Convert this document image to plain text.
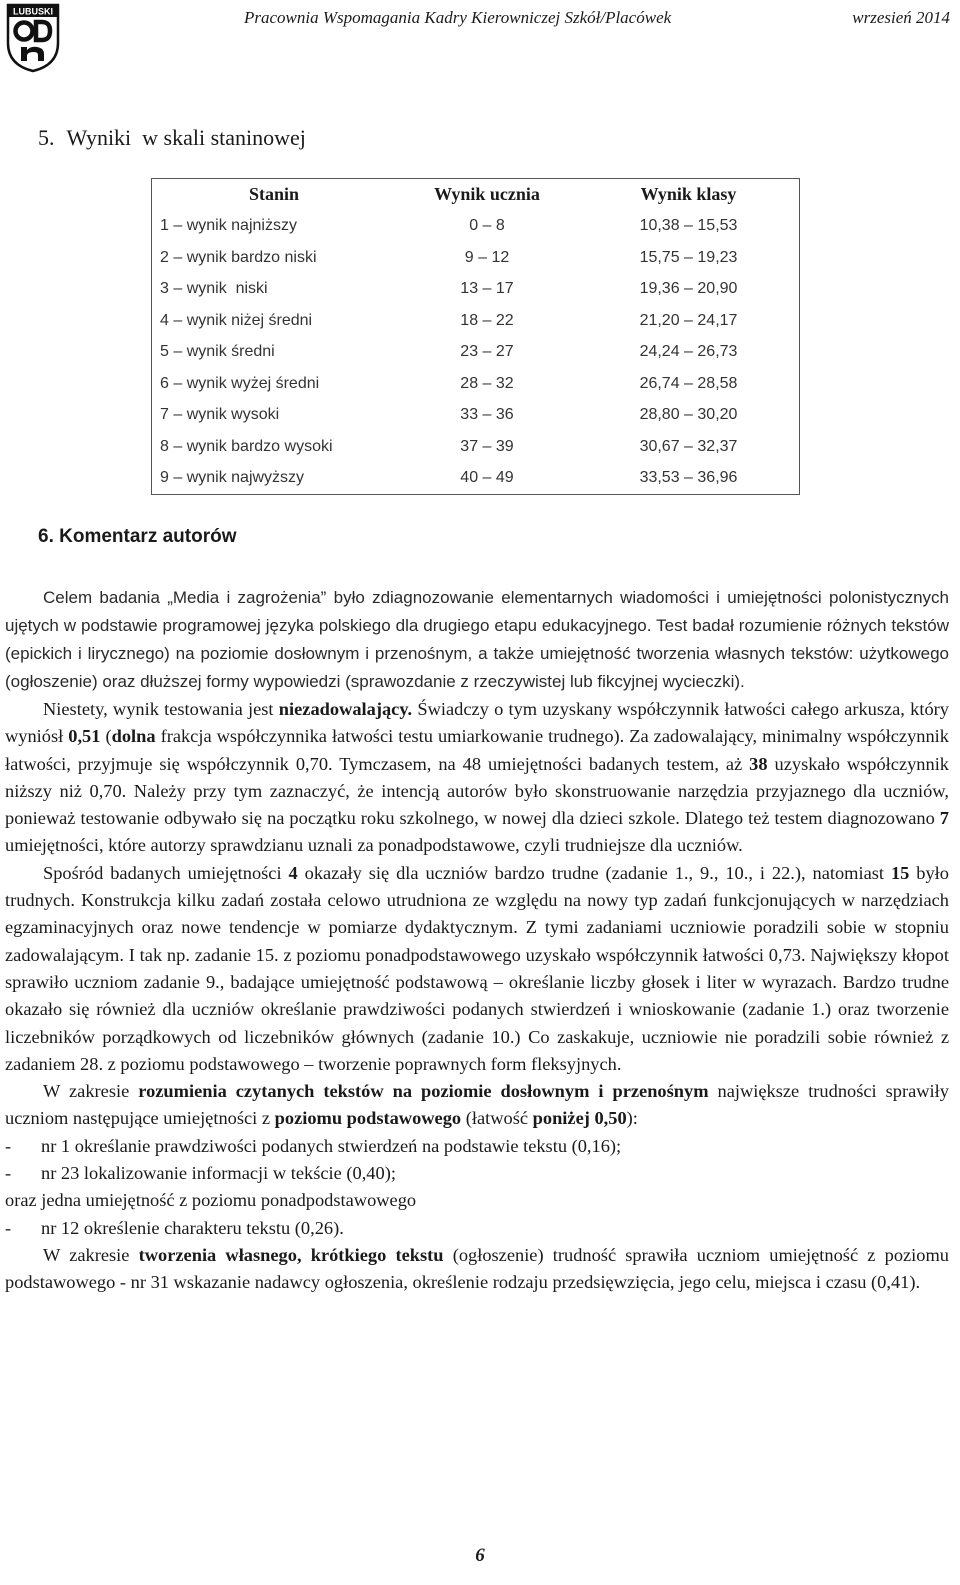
LUBUSKI	Pracownia Wspomagania Kadry Kierowniczej Szkół/Placówek	wrzesień 2014
5. Wyniki  w skali staninowej
Stanin	Wynik ucznia	Wynik klasy
1 – wynik najniższy	0 – 8	10,38 – 15,53
2 – wynik bardzo niski	9 – 12	15,75 – 19,23
3 – wynik  niski	13 – 17	19,36 – 20,90
4 – wynik niżej średni	18 – 22	21,20 – 24,17
5 – wynik średni	23 – 27	24,24 – 26,73
6 – wynik wyżej średni	28 – 32	26,74 – 28,58
7 – wynik wysoki	33 – 36	28,80 – 30,20
8 – wynik bardzo wysoki	37 – 39	30,67 – 32,37
9 – wynik najwyższy	40 – 49	33,53 – 36,96
6. Komentarz autorów

Celem badania „Media i zagrożenia” było zdiagnozowanie elementarnych wiadomości i umiejętności polonistycznych ujętych w podstawie programowej języka polskiego dla drugiego etapu edukacyjnego. Test badał rozumienie różnych tekstów (epickich i lirycznego) na poziomie dosłownym i przenośnym, a także umiejętność tworzenia własnych tekstów: użytkowego (ogłoszenie) oraz dłuższej formy wypowiedzi (sprawozdanie z rzeczywistej lub fikcyjnej wycieczki).

Niestety, wynik testowania jest niezadowalający. Świadczy o tym uzyskany współczynnik łatwości całego arkusza, który wyniósł 0,51 (dolna frakcja współczynnika łatwości testu umiarkowanie trudnego). Za zadowalający, minimalny współczynnik łatwości, przyjmuje się współczynnik 0,70. Tymczasem, na 48 umiejętności badanych testem, aż 38 uzyskało współczynnik niższy niż 0,70. Należy przy tym zaznaczyć, że intencją autorów było skonstruowanie narzędzia przyjaznego dla uczniów, ponieważ testowanie odbywało się na początku roku szkolnego, w nowej dla dzieci szkole. Dlatego też testem diagnozowano 7 umiejętności, które autorzy sprawdzianu uznali za ponadpodstawowe, czyli trudniejsze dla uczniów.

Spośród badanych umiejętności 4 okazały się dla uczniów bardzo trudne (zadanie 1., 9., 10., i 22.), natomiast 15 było trudnych. Konstrukcja kilku zadań została celowo utrudniona ze względu na nowy typ zadań funkcjonujących w narzędziach egzaminacyjnych oraz nowe tendencje w pomiarze dydaktycznym. Z tymi zadaniami uczniowie poradzili sobie w stopniu zadowalającym. I tak np. zadanie 15. z poziomu ponadpodstawowego uzyskało współczynnik łatwości 0,73. Największy kłopot sprawiło uczniom zadanie 9., badające umiejętność podstawową – określanie liczby głosek i liter w wyrazach. Bardzo trudne okazało się również dla uczniów określanie prawdziwości podanych stwierdzeń i wnioskowanie (zadanie 1.) oraz tworzenie liczebników porządkowych od liczebników głównych (zadanie 10.) Co zaskakuje, uczniowie nie poradzili sobie również z zadaniem 28. z poziomu podstawowego – tworzenie poprawnych form fleksyjnych.

W zakresie rozumienia czytanych tekstów na poziomie dosłownym i przenośnym największe trudności sprawiły uczniom następujące umiejętności z poziomu podstawowego (łatwość poniżej 0,50):

- nr 1 określanie prawdziwości podanych stwierdzeń na podstawie tekstu (0,16);

- nr 23 lokalizowanie informacji w tekście (0,40);

oraz jedna umiejętność z poziomu ponadpodstawowego

- nr 12 określenie charakteru tekstu (0,26).

W zakresie tworzenia własnego, krótkiego tekstu (ogłoszenie) trudność sprawiła uczniom umiejętność z poziomu podstawowego - nr 31 wskazanie nadawcy ogłoszenia, określenie rodzaju przedsięwzięcia, jego celu, miejsca i czasu (0,41).

6
